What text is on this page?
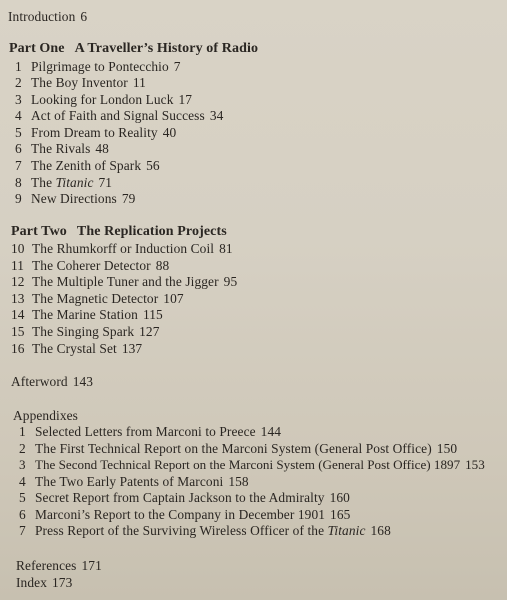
Introduction 6
Part One A Traveller’s History of Radio
1 Pilgrimage to Pontecchio 7
2 The Boy Inventor 11
3 Looking for London Luck 17
4 Act of Faith and Signal Success 34
5 From Dream to Reality 40
6 The Rivals 48
7 The Zenith of Spark 56
8 The Titanic 71
9 New Directions 79
Part Two The Replication Projects
10 The Rhumkorff or Induction Coil 81
11 The Coherer Detector 88
12 The Multiple Tuner and the Jigger 95
13 The Magnetic Detector 107
14 The Marine Station 115
15 The Singing Spark 127
16 The Crystal Set 137
Afterword 143
Appendixes
1 Selected Letters from Marconi to Preece 144
2 The First Technical Report on the Marconi System (General Post Office) 150
3 The Second Technical Report on the Marconi System (General Post Office) 1897 153
4 The Two Early Patents of Marconi 158
5 Secret Report from Captain Jackson to the Admiralty 160
6 Marconi’s Report to the Company in December 1901 165
7 Press Report of the Surviving Wireless Officer of the Titanic 168
References 171
Index 173
